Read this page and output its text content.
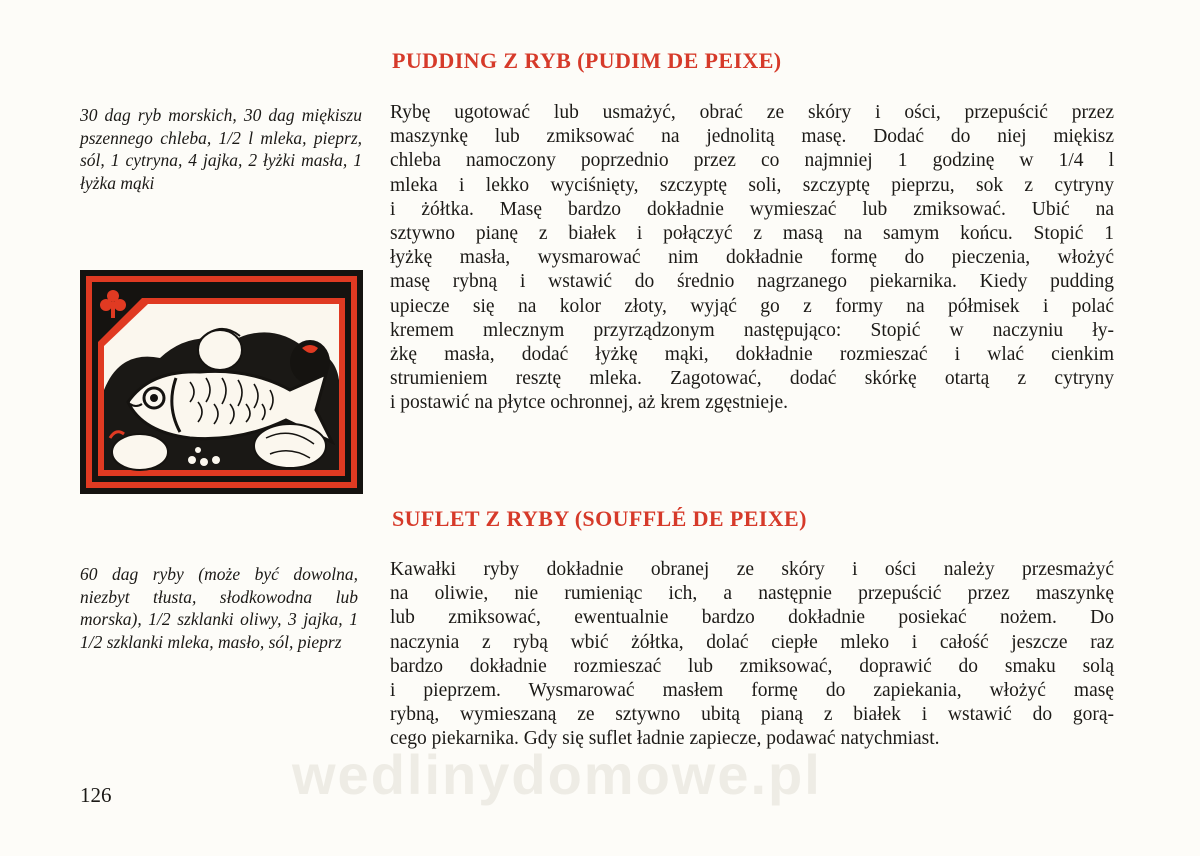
PUDDING Z RYB (PUDIM DE PEIXE)
30 dag ryb morskich, 30 dag miękiszu pszennego chleba, 1/2 l mleka, pieprz, sól, 1 cytryna, 4 jajka, 2 łyżki masła, 1 łyżka mąki
Rybę ugotować lub usmażyć, obrać ze skóry i ości, przepuścić przez
maszynkę lub zmiksować na jednolitą masę. Dodać do niej miękisz
chleba namoczony poprzednio przez co najmniej 1 godzinę w 1/4 l
mleka i lekko wyciśnięty, szczyptę soli, szczyptę pieprzu, sok z cytryny
i żółtka. Masę bardzo dokładnie wymieszać lub zmiksować. Ubić na
sztywno pianę z białek i połączyć z masą na samym końcu. Stopić 1
łyżkę masła, wysmarować nim dokładnie formę do pieczenia, włożyć
masę rybną i wstawić do średnio nagrzanego piekarnika. Kiedy pudding
upiecze się na kolor złoty, wyjąć go z formy na półmisek i polać
kremem mlecznym przyrządzonym następująco: Stopić w naczyniu ły-
żkę masła, dodać łyżkę mąki, dokładnie rozmieszać i wlać cienkim
strumieniem resztę mleka. Zagotować, dodać skórkę otartą z cytryny
i postawić na płytce ochronnej, aż krem zgęstnieje.
SUFLET Z RYBY (SOUFFLÉ DE PEIXE)
60 dag ryby (może być dowolna, niezbyt tłusta, słodkowodna lub morska), 1/2 szklanki oliwy, 3 jajka, 1 1/2 szklanki mleka, masło, sól, pieprz
Kawałki ryby dokładnie obranej ze skóry i ości należy przesmażyć
na oliwie, nie rumieniąc ich, a następnie przepuścić przez maszynkę
lub zmiksować, ewentualnie bardzo dokładnie posiekać nożem. Do
naczynia z rybą wbić żółtka, dolać ciepłe mleko i całość jeszcze raz
bardzo dokładnie rozmieszać lub zmiksować, doprawić do smaku solą
i pieprzem. Wysmarować masłem formę do zapiekania, włożyć masę
rybną, wymieszaną ze sztywno ubitą pianą z białek i wstawić do gorą-
cego piekarnika. Gdy się suflet ładnie zapiecze, podawać natychmiast.
wedlinydomowe.pl
126
